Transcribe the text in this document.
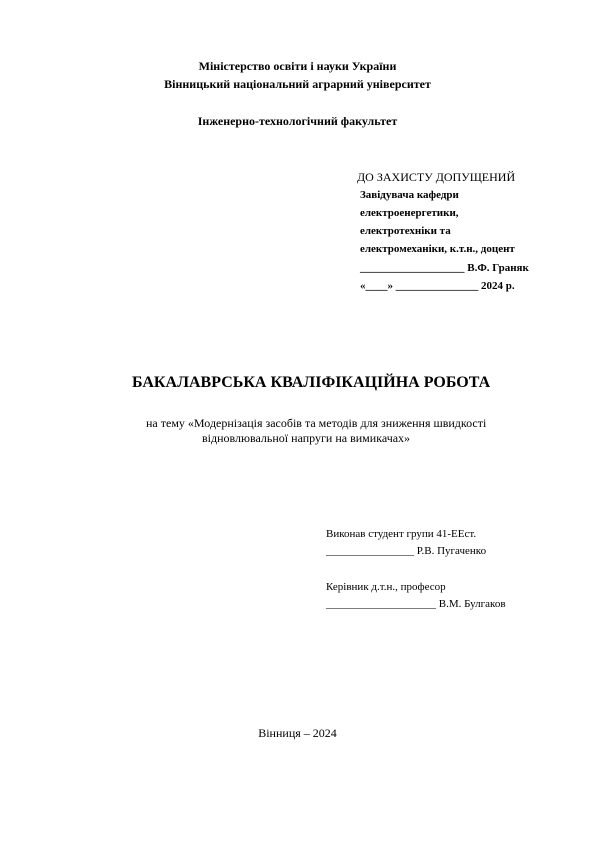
Міністерство освіти і науки України
Вінницький національний аграрний університет
Інженерно-технологічний факультет
ДО ЗАХИСТУ ДОПУЩЕНИЙ
Завідувача кафедри
електроенергетики,
електротехніки та
електромеханіки, к.т.н., доцент
___________________ В.Ф. Граняк
«____» _______________ 2024 р.
БАКАЛАВРСЬКА КВАЛІФІКАЦІЙНА РОБОТА
на тему «Модернізація засобів та методів для зниження швидкості
відновлювальної напруги на вимикачах»
Виконав студент групи 41-ЕЕст.
________________ Р.В. Пугаченко
Керівник д.т.н., професор
____________________ В.М. Булгаков
Вінниця – 2024
